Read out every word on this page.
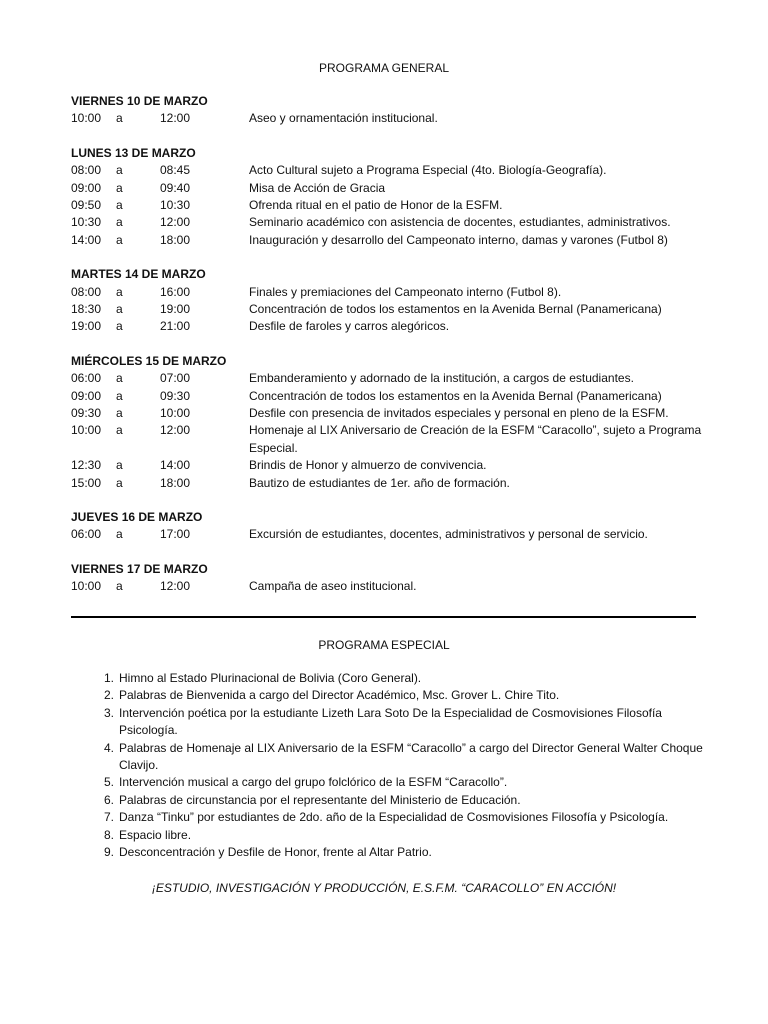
PROGRAMA GENERAL
VIERNES 10 DE MARZO
10:00	a	12:00	Aseo y ornamentación institucional.
LUNES 13 DE MARZO
08:00	a	08:45	Acto Cultural sujeto a Programa Especial (4to. Biología-Geografía).
09:00	a	09:40	Misa de Acción de Gracia
09:50	a	10:30	Ofrenda ritual en el patio de Honor de la ESFM.
10:30	a	12:00	Seminario académico con asistencia de docentes, estudiantes, administrativos.
14:00	a	18:00	Inauguración y desarrollo del Campeonato interno, damas y varones (Futbol 8)
MARTES 14 DE MARZO
08:00	a	16:00	Finales y premiaciones del Campeonato interno (Futbol 8).
18:30	a	19:00	Concentración de todos los estamentos en la Avenida Bernal (Panamericana)
19:00	a	21:00	Desfile de faroles y carros alegóricos.
MIÉRCOLES 15 DE MARZO
06:00	a	07:00	Embanderamiento y adornado de la institución, a cargos de estudiantes.
09:00	a	09:30	Concentración de todos los estamentos en la Avenida Bernal (Panamericana)
09:30	a	10:00	Desfile con presencia de invitados especiales y personal en pleno de la ESFM.
10:00	a	12:00	Homenaje al LIX Aniversario de Creación de la ESFM “Caracollo”, sujeto a Programa Especial.
12:30	a	14:00	Brindis de Honor y almuerzo de convivencia.
15:00	a	18:00	Bautizo de estudiantes de 1er. año de formación.
JUEVES 16 DE MARZO
06:00	a	17:00	Excursión de estudiantes, docentes, administrativos y personal de servicio.
VIERNES 17 DE MARZO
10:00	a	12:00	Campaña de aseo institucional.
PROGRAMA ESPECIAL
1. Himno al Estado Plurinacional de Bolivia (Coro General).
2. Palabras de Bienvenida a cargo del Director Académico, Msc. Grover L. Chire Tito.
3. Intervención poética por la estudiante Lizeth Lara Soto De la Especialidad de Cosmovisiones Filosofía Psicología.
4. Palabras de Homenaje al LIX Aniversario de la ESFM “Caracollo” a cargo del Director General Walter Choque Clavijo.
5. Intervención musical a cargo del grupo folclórico de la ESFM “Caracollo”.
6. Palabras de circunstancia por el representante del Ministerio de Educación.
7. Danza “Tinku” por estudiantes de 2do. año de la Especialidad de Cosmovisiones Filosofía y Psicología.
8. Espacio libre.
9. Desconcentración y Desfile de Honor, frente al Altar Patrio.
¡ESTUDIO, INVESTIGACIÓN Y PRODUCCIÓN, E.S.F.M. “CARACOLLO” EN ACCIÓN!
